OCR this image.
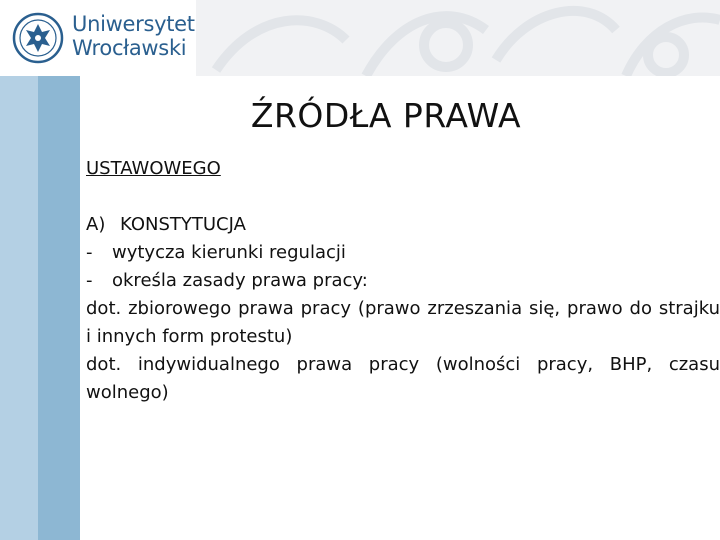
Uniwersytet
Wrocławski
ŹRÓDŁA PRAWA
USTAWOWEGO
A) KONSTYTUCJA
- wytycza kierunki regulacji
- określa zasady prawa pracy:
dot. zbiorowego prawa pracy (prawo zrzeszania się, prawo do strajku i innych form protestu)
dot. indywidualnego prawa pracy (wolności pracy, BHP, czasu wolnego)
